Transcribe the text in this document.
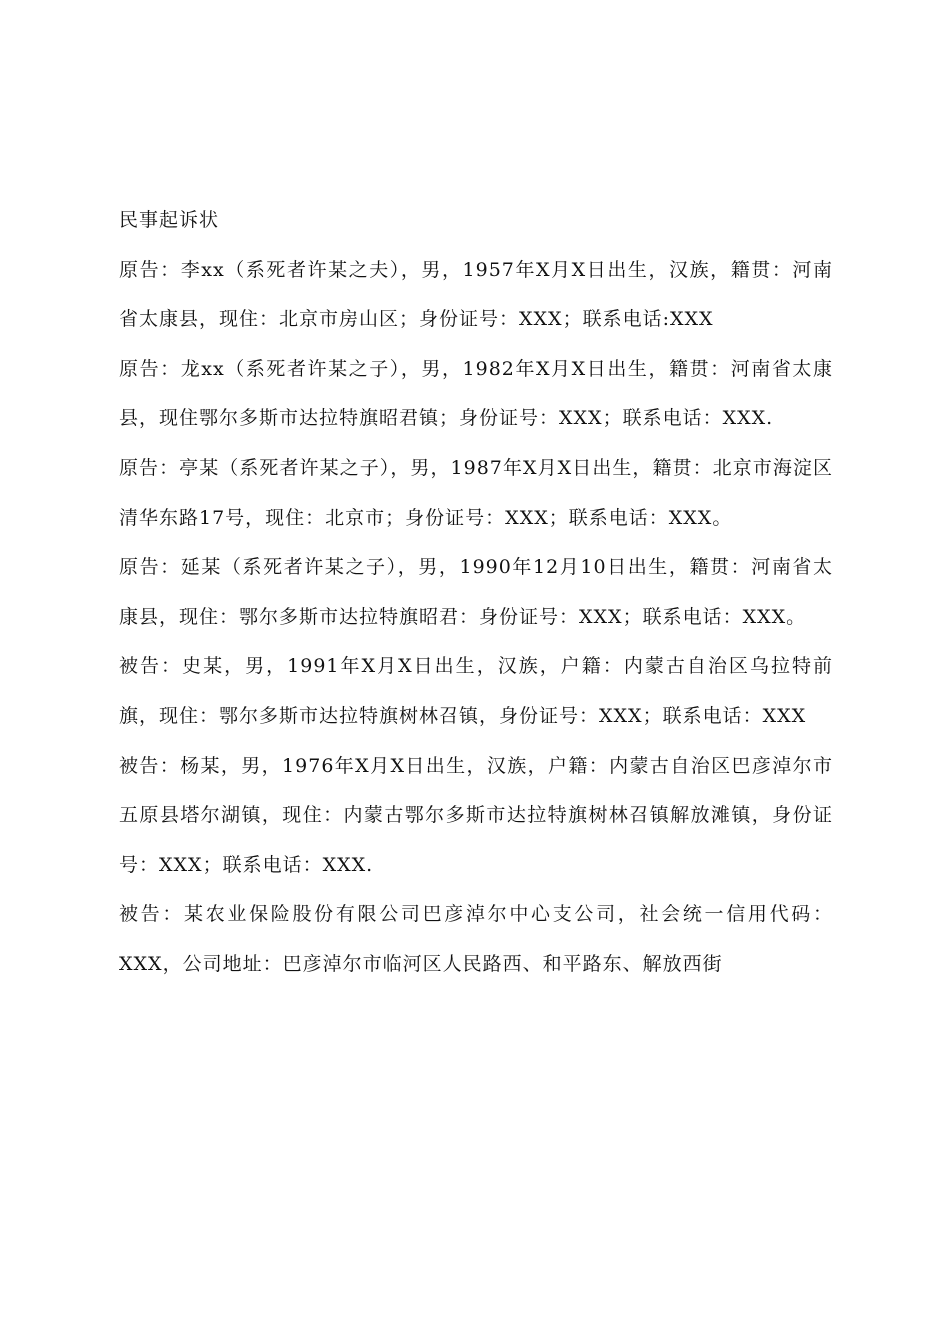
民事起诉状

原告：李xx（系死者许某之夫），男，1957年X月X日出生，汉族，籍贯：河南省太康县，现住：北京市房山区；身份证号：XXX；联系电话:XXX

原告：龙xx（系死者许某之子），男，1982年X月X日出生，籍贯：河南省太康县，现住鄂尔多斯市达拉特旗昭君镇；身份证号：XXX；联系电话：XXX.

原告：亭某（系死者许某之子），男，1987年X月X日出生，籍贯：北京市海淀区清华东路17号，现住：北京市；身份证号：XXX；联系电话：XXX。

原告：延某（系死者许某之子），男，1990年12月10日出生，籍贯：河南省太康县，现住：鄂尔多斯市达拉特旗昭君：身份证号：XXX；联系电话：XXX。

被告：史某，男，1991年X月X日出生，汉族，户籍：内蒙古自治区乌拉特前旗，现住：鄂尔多斯市达拉特旗树林召镇，身份证号：XXX；联系电话：XXX

被告：杨某，男，1976年X月X日出生，汉族，户籍：内蒙古自治区巴彦淖尔市五原县塔尔湖镇，现住：内蒙古鄂尔多斯市达拉特旗树林召镇解放滩镇，身份证号：XXX；联系电话：XXX.

被告：某农业保险股份有限公司巴彦淖尔中心支公司，社会统一信用代码：XXX，公司地址：巴彦淖尔市临河区人民路西、和平路东、解放西街
